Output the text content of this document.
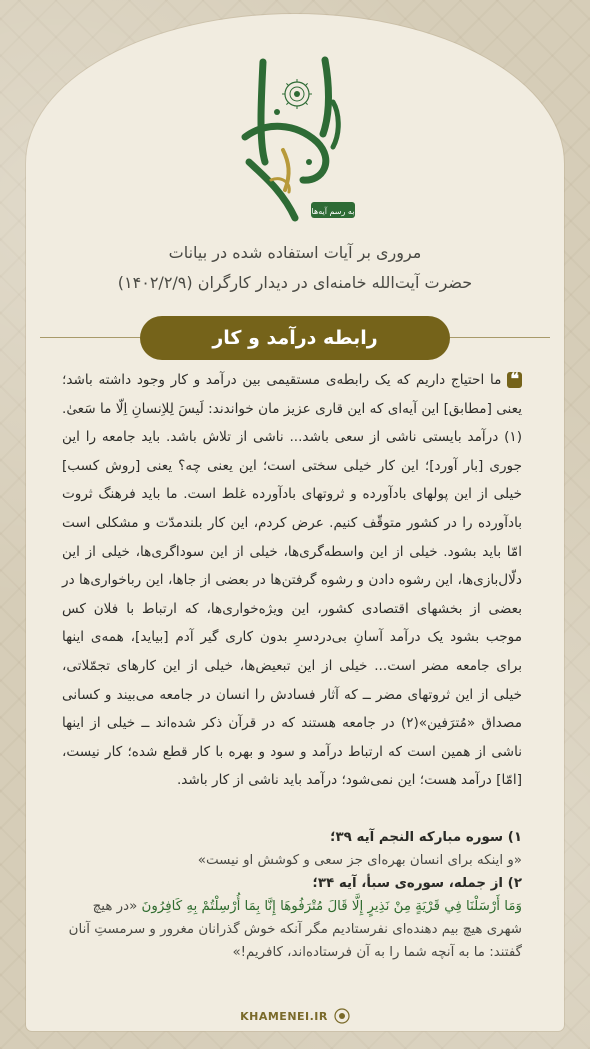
به رسم آیه‌ها
مروری بر آیات استفاده شده در بیانات
حضرت آیت‌الله خامنه‌ای در دیدار کارگران (۱۴۰۲/۲/۹)
رابطه درآمد و کار
❝ما احتیاج داریم که یک رابطه‌ی مستقیمی بین درآمد و کار وجود داشته باشد؛ یعنی [مطابق] این آیه‌ای که این قاری عزیز مان خواندند: لَیسَ لِلاِنسانِ اِلّا ما سَعیٰ.(۱) درآمد بایستی ناشی از سعی باشد... ناشی از تلاش باشد. باید جامعه را این جوری [بار آورد]؛ این کار خیلی سختی است؛ این یعنی چه؟ یعنی [روش کسب] خیلی از این پولهای بادآورده و ثروتهای بادآورده غلط است. ما باید فرهنگ ثروت بادآورده را در کشور متوقّف کنیم. عرض کردم، این کار بلندمدّت و مشکلی است امّا باید بشود. خیلی از این واسطه‌گری‌ها، خیلی از این سوداگری‌ها، خیلی از این دلّال‌بازی‌ها، این رشوه دادن و رشوه گرفتن‌ها در بعضی از جاها، این رباخواری‌ها در بعضی از بخشهای اقتصادی کشور، این ویژه‌خواری‌ها، که ارتباط با فلان کس موجب بشود یک درآمد آسانِ بی‌دردسرِ بدون کاری گیر آدم [بیاید]، همه‌ی اینها برای جامعه مضر است... خیلی از این تبعیض‌ها، خیلی از این کارهای تجمّلاتی، خیلی از این ثروتهای مضر ــ که آثار فسادش را انسان در جامعه می‌بیند و کسانی مصداق «مُترَفین»(۲) در جامعه هستند که در قرآن ذکر شده‌اند ــ خیلی از اینها ناشی از همین است که ارتباط درآمد و سود و بهره با کار قطع شده؛ کار نیست، [امّا] درآمد هست؛ این نمی‌شود؛ درآمد باید ناشی از کار باشد.
۱) سوره مبارکه النجم آیه ۳۹؛
«و اینکه برای انسان بهره‌ای جز سعی و کوشش او نیست»
۲) از جمله، سوره‌ی سبأ، آیه ۳۴؛
وَمَا أَرْسَلْنَا فِي قَرْيَةٍ مِنْ نَذِيرٍ إِلَّا قَالَ مُتْرَفُوهَا إِنَّا بِمَا أُرْسِلْتُمْ بِهِ كَافِرُونَ «در هیچ شهری هیچ بیم دهنده‌ای نفرستادیم مگر آنکه خوش گذرانان مغرور و سرمستِ آنان گفتند: ما به آنچه شما را به آن فرستاده‌اند، کافریم!»
KHAMENEI.IR
